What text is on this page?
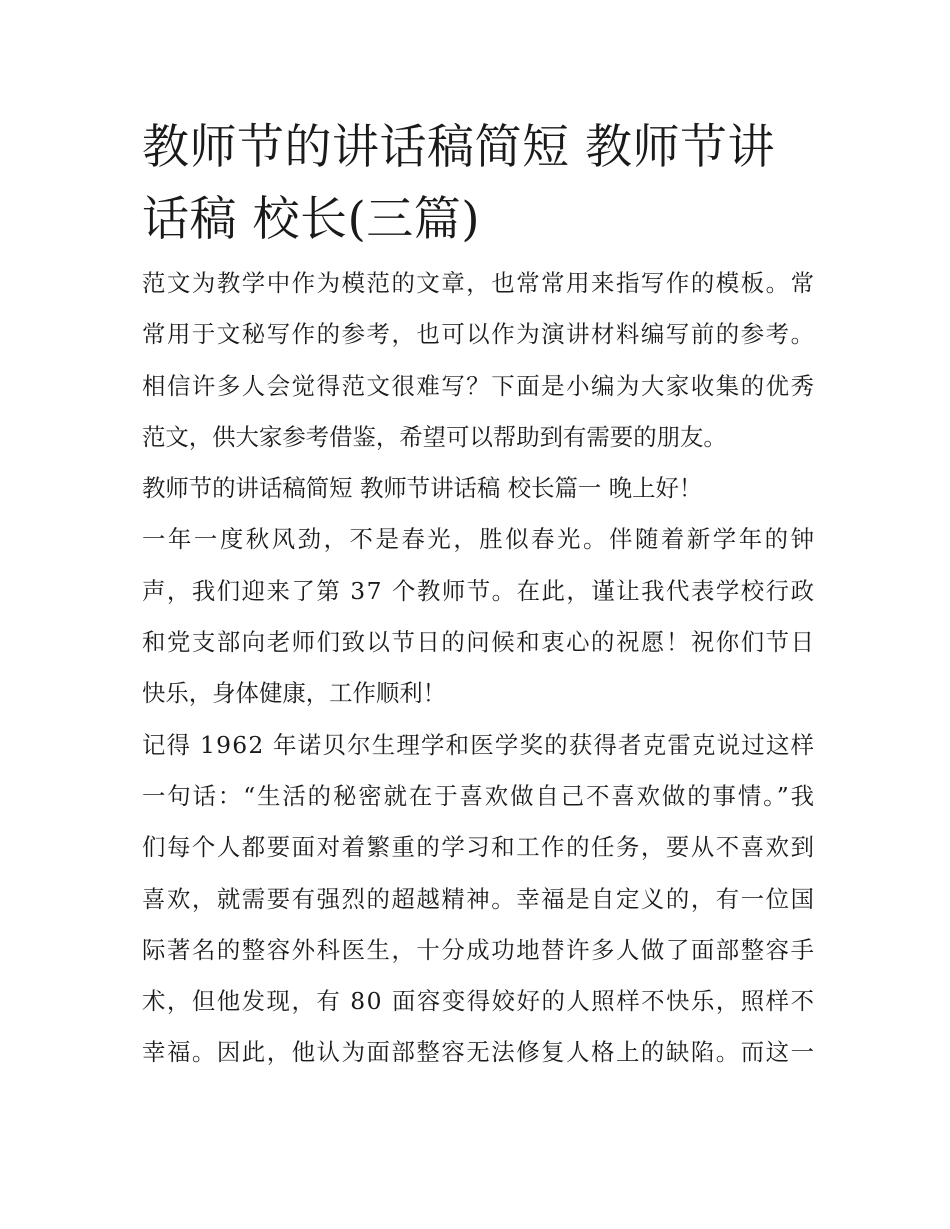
教师节的讲话稿简短 教师节讲话稿 校长(三篇)
范文为教学中作为模范的文章，也常常用来指写作的模板。常
常用于文秘写作的参考，也可以作为演讲材料编写前的参考。
相信许多人会觉得范文很难写？下面是小编为大家收集的优秀
范文，供大家参考借鉴，希望可以帮助到有需要的朋友。
教师节的讲话稿简短 教师节讲话稿 校长篇一 晚上好！
一年一度秋风劲，不是春光，胜似春光。伴随着新学年的钟
声，我们迎来了第 37 个教师节。在此，谨让我代表学校行政
和党支部向老师们致以节日的问候和衷心的祝愿！祝你们节日
快乐，身体健康，工作顺利！
记得 1962 年诺贝尔生理学和医学奖的获得者克雷克说过这样
一句话：“生活的秘密就在于喜欢做自己不喜欢做的事情。”我
们每个人都要面对着繁重的学习和工作的任务，要从不喜欢到
喜欢，就需要有强烈的超越精神。幸福是自定义的，有一位国
际著名的整容外科医生，十分成功地替许多人做了面部整容手
术，但他发现，有 80 面容变得姣好的人照样不快乐，照样不
幸福。因此，他认为面部整容无法修复人格上的缺陷。而这一
